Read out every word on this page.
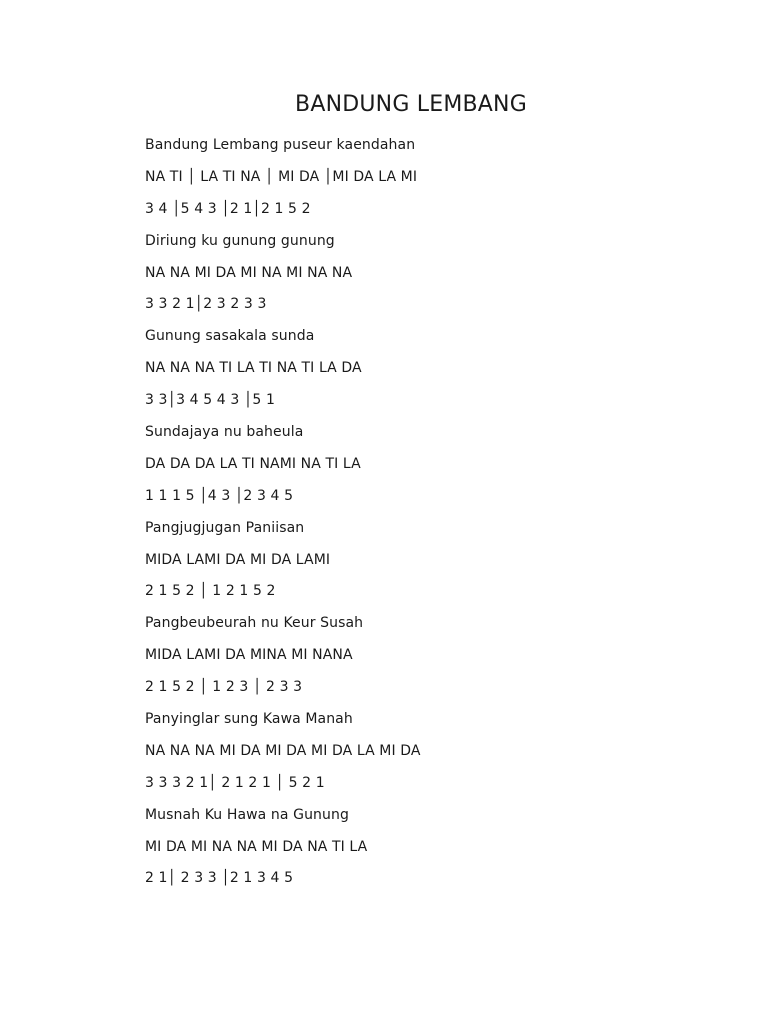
BANDUNG LEMBANG
Bandung Lembang puseur kaendahan
NA TI │ LA TI NA │ MI DA │MI DA LA MI
3 4 │5 4 3 │2 1│2 1 5 2
Diriung ku gunung gunung
NA NA MI DA MI NA MI NA NA
3 3 2 1│2 3 2 3 3
Gunung sasakala sunda
NA NA NA TI LA TI NA TI LA DA
3 3│3 4 5 4 3 │5 1
Sundajaya nu baheula
DA DA DA LA TI NAMI NA TI LA
1 1 1 5 │4 3 │2 3 4 5
Pangjugjugan Paniisan
MIDA LAMI DA MI DA LAMI
2 1 5 2 │ 1 2 1 5 2
Pangbeubeurah nu Keur Susah
MIDA LAMI DA MINA MI NANA
2 1 5 2 │ 1 2 3 │ 2 3 3
Panyinglar sung Kawa Manah
NA NA NA MI DA MI DA MI DA LA MI DA
3 3 3 2 1│ 2 1 2 1 │ 5 2 1
Musnah Ku Hawa na Gunung
MI DA MI NA NA MI DA NA TI LA
2 1│ 2 3 3 │2 1 3 4 5
